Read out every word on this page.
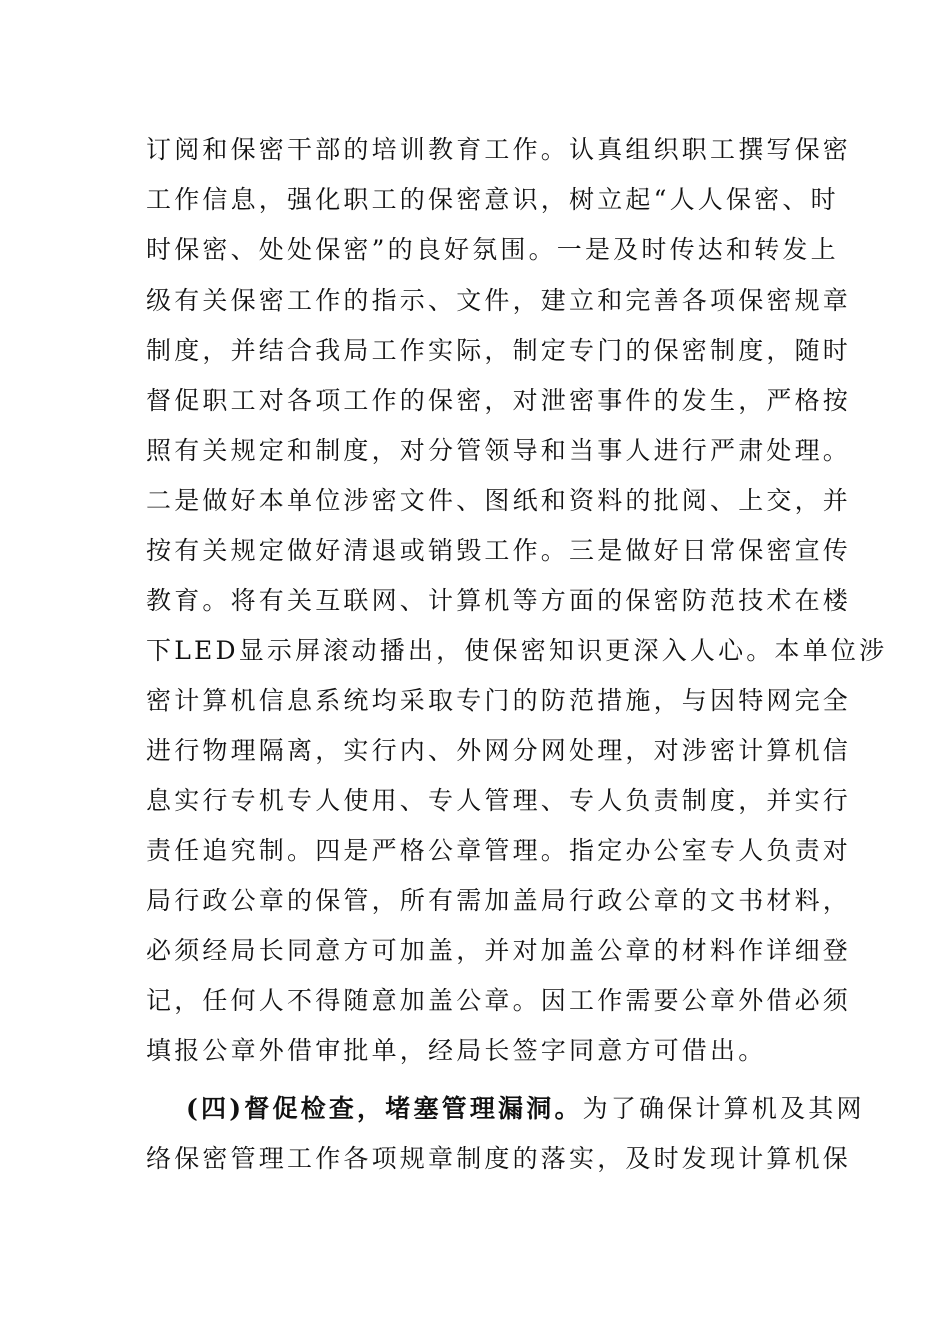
订阅和保密干部的培训教育工作。认真组织职工撰写保密
工作信息，强化职工的保密意识，树立起“人人保密、时
时保密、处处保密”的良好氛围。一是及时传达和转发上
级有关保密工作的指示、文件，建立和完善各项保密规章
制度，并结合我局工作实际，制定专门的保密制度，随时
督促职工对各项工作的保密，对泄密事件的发生，严格按
照有关规定和制度，对分管领导和当事人进行严肃处理。
二是做好本单位涉密文件、图纸和资料的批阅、上交，并
按有关规定做好清退或销毁工作。三是做好日常保密宣传
教育。将有关互联网、计算机等方面的保密防范技术在楼
下LED显示屏滚动播出，使保密知识更深入人心。本单位涉
密计算机信息系统均采取专门的防范措施，与因特网完全
进行物理隔离，实行内、外网分网处理，对涉密计算机信
息实行专机专人使用、专人管理、专人负责制度，并实行
责任追究制。四是严格公章管理。指定办公室专人负责对
局行政公章的保管，所有需加盖局行政公章的文书材料，
必须经局长同意方可加盖，并对加盖公章的材料作详细登
记，任何人不得随意加盖公章。因工作需要公章外借必须
填报公章外借审批单，经局长签字同意方可借出。
(四)督促检查，堵塞管理漏洞。为了确保计算机及其网
络保密管理工作各项规章制度的落实，及时发现计算机保
